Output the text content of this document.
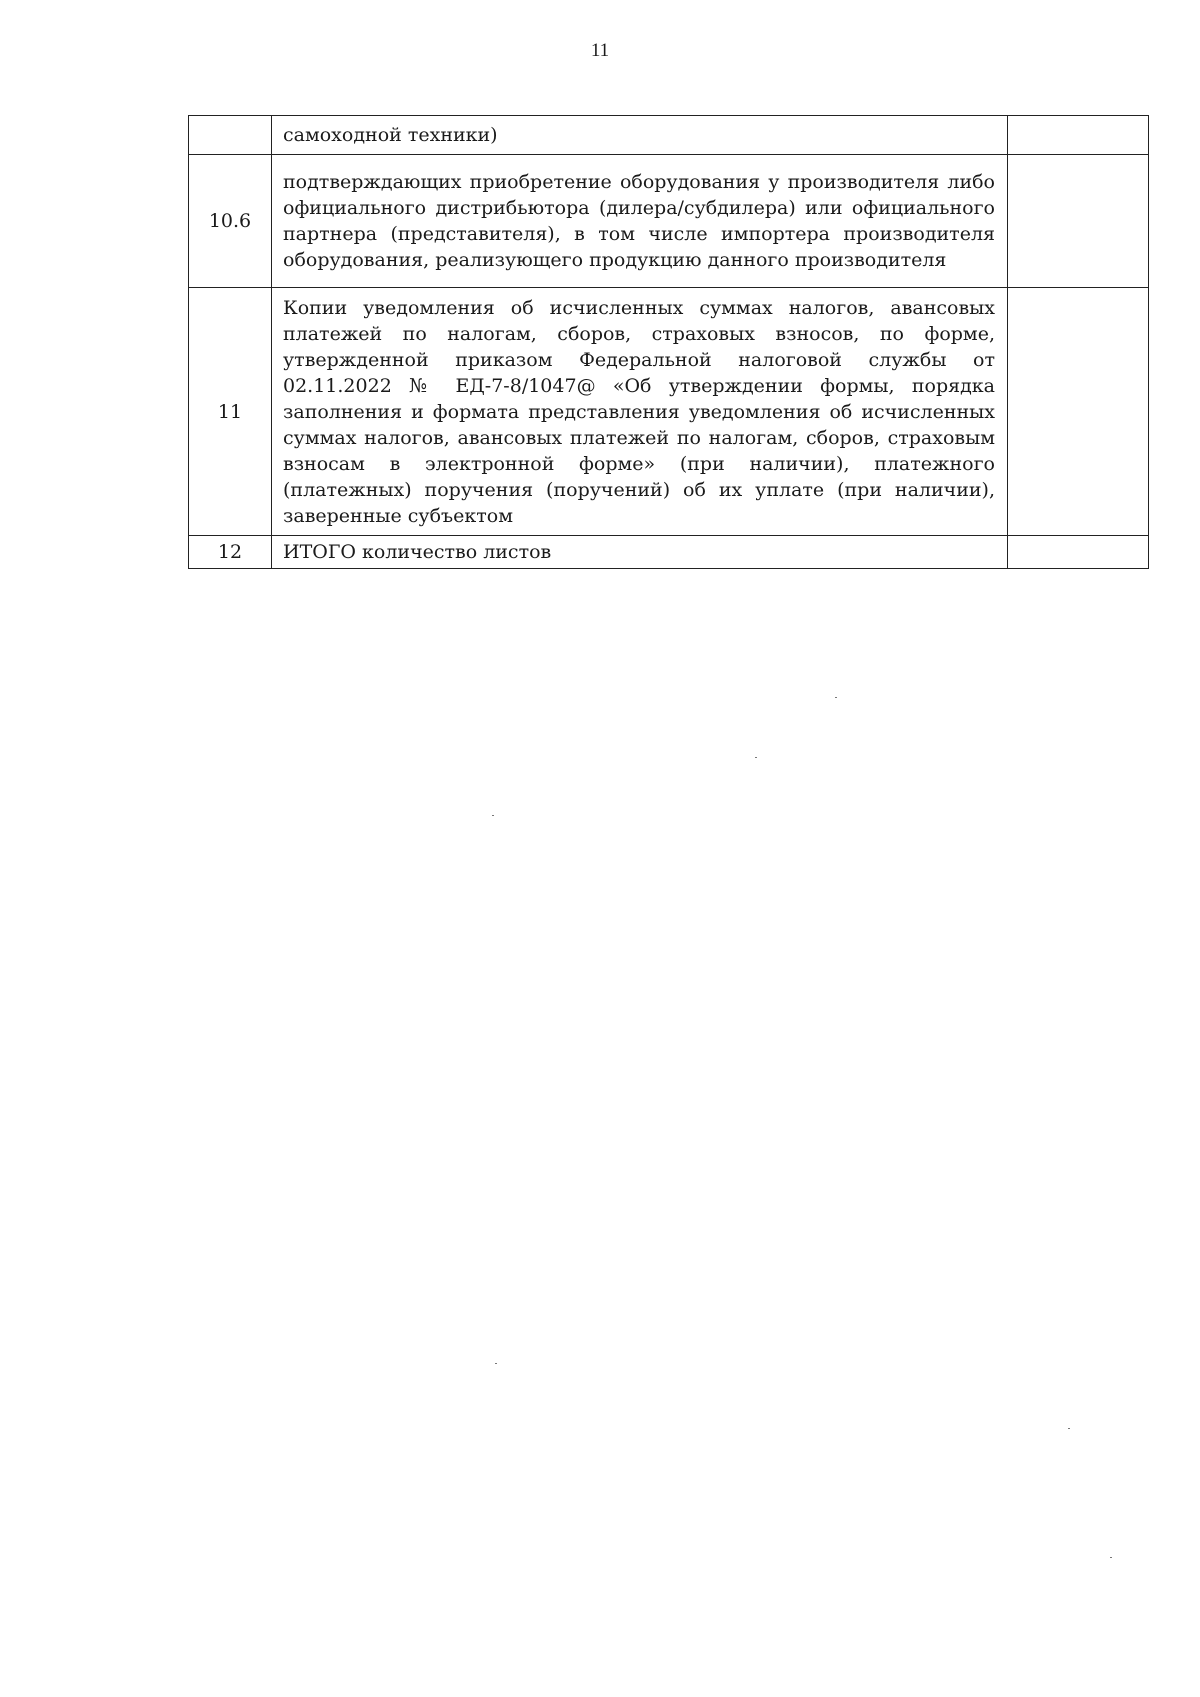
11
	самоходной техники)	
10.6	подтверждающих приобретение оборудования у производителя либо официального дистрибьютора (дилера/субдилера) или официального партнера (представителя), в том числе импортера производителя оборудования, реализующего продукцию данного производителя	
11	Копии уведомления об исчисленных суммах налогов, авансовых платежей по налогам, сборов, страховых взносов, по форме, утвержденной приказом Федеральной налоговой службы от 02.11.2022 № ЕД-7-8/1047@ «Об утверждении формы, порядка заполнения и формата представления уведомления об исчисленных суммах налогов, авансовых платежей по налогам, сборов, страховым взносам в электронной форме» (при наличии), платежного (платежных) поручения (поручений) об их уплате (при наличии), заверенные субъектом	
12	ИТОГО количество листов	
